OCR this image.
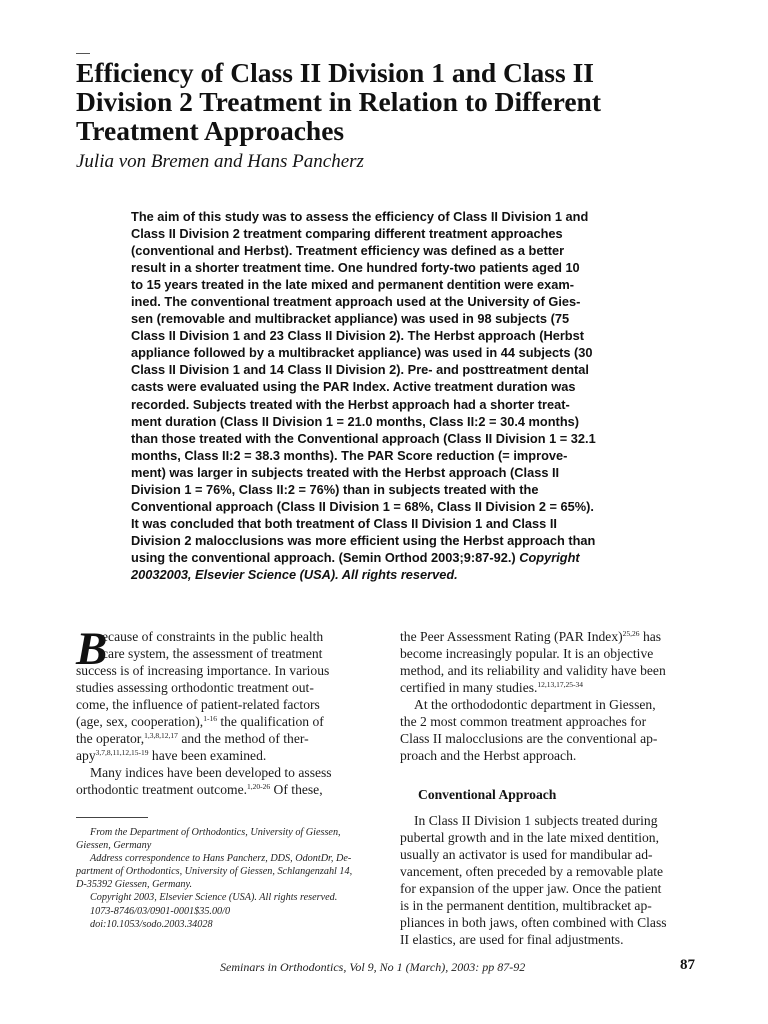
Efficiency of Class II Division 1 and Class II
Division 2 Treatment in Relation to Different
Treatment Approaches

Julia von Bremen and Hans Pancherz

The aim of this study was to assess the efficiency of Class II Division 1 and
Class II Division 2 treatment comparing different treatment approaches
(conventional and Herbst). Treatment efficiency was defined as a better
result in a shorter treatment time. One hundred forty-two patients aged 10
to 15 years treated in the late mixed and permanent dentition were exam-
ined. The conventional treatment approach used at the University of Gies-
sen (removable and multibracket appliance) was used in 98 subjects (75
Class II Division 1 and 23 Class II Division 2). The Herbst approach (Herbst
appliance followed by a multibracket appliance) was used in 44 subjects (30
Class II Division 1 and 14 Class II Division 2). Pre- and posttreatment dental
casts were evaluated using the PAR Index. Active treatment duration was
recorded. Subjects treated with the Herbst approach had a shorter treat-
ment duration (Class II Division 1 = 21.0 months, Class II:2 = 30.4 months)
than those treated with the Conventional approach (Class II Division 1 = 32.1
months, Class II:2 = 38.3 months). The PAR Score reduction (= improve-
ment) was larger in subjects treated with the Herbst approach (Class II
Division 1 = 76%, Class II:2 = 76%) than in subjects treated with the
Conventional approach (Class II Division 1 = 68%, Class II Division 2 = 65%).
It was concluded that both treatment of Class II Division 1 and Class II
Division 2 malocclusions was more efficient using the Herbst approach than
using the conventional approach. (Semin Orthod 2003;9:87-92.) Copyright
20032003, Elsevier Science (USA). All rights reserved.
B
ecause of constraints in the public health
care system, the assessment of treatment
success is of increasing importance. In various
studies assessing orthodontic treatment out-
come, the influence of patient-related factors
(age, sex, cooperation),$^{1-16}$ the qualification of
the operator,$^{1,3,8,12,17}$ and the method of ther-
apy$^{3,7,8,11,12,15-19}$ have been examined.
Many indices have been developed to assess
orthodontic treatment outcome.$^{1,20-26}$ Of these,
the Peer Assessment Rating (PAR Index)$^{25,26}$ has
become increasingly popular. It is an objective
method, and its reliability and validity have been
certified in many studies.$^{12,13,17,25-34}$
At the orthododontic department in Giessen,
the 2 most common treatment approaches for
Class II malocclusions are the conventional ap-
proach and the Herbst approach.
Conventional Approach
In Class II Division 1 subjects treated during
pubertal growth and in the late mixed dentition,
usually an activator is used for mandibular ad-
vancement, often preceded by a removable plate
for expansion of the upper jaw. Once the patient
is in the permanent dentition, multibracket ap-
pliances in both jaws, often combined with Class
II elastics, are used for final adjustments.
From the Department of Orthodontics, University of Giessen,
Giessen, Germany
Address correspondence to Hans Pancherz, DDS, OdontDr, De-
partment of Orthodontics, University of Giessen, Schlangenzahl 14,
D-35392 Giessen, Germany.
Copyright 2003, Elsevier Science (USA). All rights reserved.
1073-8746/03/0901-0001$35.00/0
doi:10.1053/sodo.2003.34028

Seminars in Orthodontics, Vol 9, No 1 (March), 2003: pp 87-92	87
